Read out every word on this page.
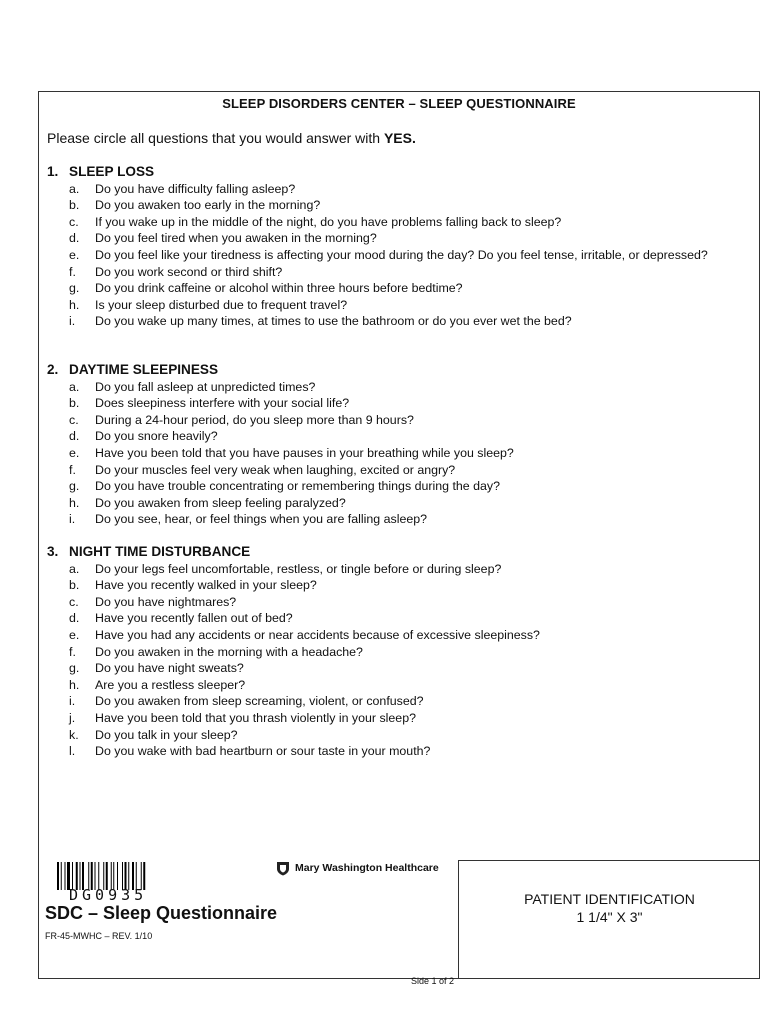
SLEEP DISORDERS CENTER – SLEEP QUESTIONNAIRE
Please circle all questions that you would answer with YES.
1. SLEEP LOSS
a.	Do you have difficulty falling asleep?
b.	Do you awaken too early in the morning?
c.	If you wake up in the middle of the night, do you have problems falling back to sleep?
d.	Do you feel tired when you awaken in the morning?
e.	Do you feel like your tiredness is affecting your mood during the day? Do you feel tense, irritable, or depressed?
f.	Do you work second or third shift?
g.	Do you drink caffeine or alcohol within three hours before bedtime?
h.	Is your sleep disturbed due to frequent travel?
i.	Do you wake up many times, at times to use the bathroom or do you ever wet the bed?
2. DAYTIME SLEEPINESS
a.	Do you fall asleep at unpredicted times?
b.	Does sleepiness interfere with your social life?
c.	During a 24-hour period, do you sleep more than 9 hours?
d.	Do you snore heavily?
e.	Have you been told that you have pauses in your breathing while you sleep?
f.	Do your muscles feel very weak when laughing, excited or angry?
g.	Do you have trouble concentrating or remembering things during the day?
h.	Do you awaken from sleep feeling paralyzed?
i.	Do you see, hear, or feel things when you are falling asleep?
3. NIGHT TIME DISTURBANCE
a.	Do your legs feel uncomfortable, restless, or tingle before or during sleep?
b.	Have you recently walked in your sleep?
c.	Do you have nightmares?
d.	Have you recently fallen out of bed?
e.	Have you had any accidents or near accidents because of excessive sleepiness?
f.	Do you awaken in the morning with a headache?
g.	Do you have night sweats?
h.	Are you a restless sleeper?
i.	Do you awaken from sleep screaming, violent, or confused?
j.	Have you been told that you thrash violently in your sleep?
k.	Do you talk in your sleep?
l.	Do you wake with bad heartburn or sour taste in your mouth?
DG0935
Mary Washington Healthcare
SDC – Sleep Questionnaire
FR-45-MWHC – REV. 1/10
Side 1 of 2
PATIENT IDENTIFICATION
1 1/4" X 3"
